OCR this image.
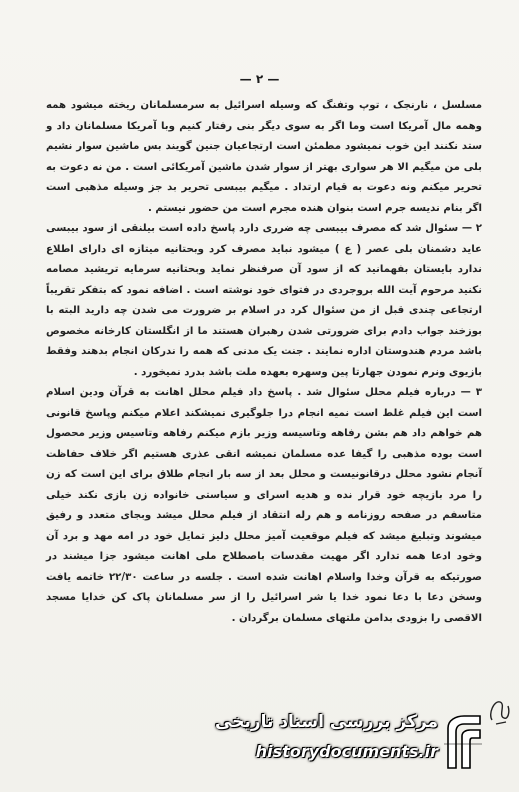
— ۲ —

مسلسل ، نارنجک ، توپ وتفنگ که وسیله اسرائیل به سرمسلمانان ریخته میشود همه وهمه مال آمریکا است وما اگر به سوی دیگر بنی رفتار کنیم وبا آمریکا مسلمانان داد و ستد نکنند این خوب نمیشود مطمئن است ارتجاعیان جنین گویند بس ماشین سوار نشیم بلی من میگیم الا هر سواری بهتر از سوار شدن ماشین آمریکائی است . من نه دعوت به تحریر میکنم ونه دعوت به قیام ارتداد . میگیم بیبسی تحریر بد جز وسیله مذهبی است اگر بنام ندیسه جرم است بنوان هنده مجرم است من حضور نیستم .

۲ — سئوال شد که مصرف بیبسی چه ضرری دارد پاسخ داده است بیلنقی از سود بیبسی عاید دشمنان بلی عصر ( ع ) میشود نباید مصرف کرد وبحتانیه میتازه ای دارای اطلاع ندارد بایستان بفهمانید که از سود آن صرفنظر نماید وبحتانیه سرمایه تریشید مصامه نکنید مرحوم آیت الله بروجردی در فتوای خود نوشته است . اضافه نمود که بتفکر تقریباً ارتجاعی چندی قبل از من سئوال کرد در اسلام بر ضرورت می شدن چه دارید البته با بوزخند جواب دادم برای ضرورتی شدن رهبران هستند ما از انگلستان کارخانه مخصوص باشد مردم هندوستان اداره نمایند . جنت یک مدنی که همه را ندرکان انجام بدهند وفقط بازیوی ونرم نمودن جهارتا پین وسهره بعهده ملت باشد بدرد نمیخورد .

۳ — درباره فیلم محلل سئوال شد . پاسخ داد فیلم محلل اهانت به قرآن ودین اسلام است این فیلم غلط است نمیه انجام درا جلوگیری نمیشکند اعلام میکنم وپاسخ قانونی هم خواهم داد هم بشن رفاهه وتاسیسه وزیر بازم میکنم رفاهه وتاسیس وزیر محصول است بوده مذهبی را گیفا عده مسلمان نمیشه انقی عذری هستیم اگر خلاف حفاظت آنجام نشود محلل درقانونیست و محلل بعد از سه بار انجام طلاق برای این است که زن را مرد بازیچه خود قرار نده و هدیه اسرای و سیاستی خانواده زن بازی نکند خیلی متاسفم در صفحه روزنامه و هم رله انتقاد از فیلم محلل میشد وبجای متعدد و رفیق میشوند وتبلیغ میشد که فیلم موقعیت آمیز محلل دلیز تمایل خود در امه مهد و برد آن وخود ادعا همه تدارد اگر مهیت مقدسات باصطلاح ملی اهانت میشود جزا میشند در صورتیکه به قرآن وخدا واسلام اهانت شده است . جلسه در ساعت ۲۲/۳۰ خاتمه یافت وسخن دعا با دعا نمود خدا یا شر اسرائیل را از سر مسلمانان پاک کن خدایا مسجد الاقصی را بزودی بدامن ملتهای مسلمان برگردان .

مرکز بررسی اسناد تاریخی
historydocuments.ir
